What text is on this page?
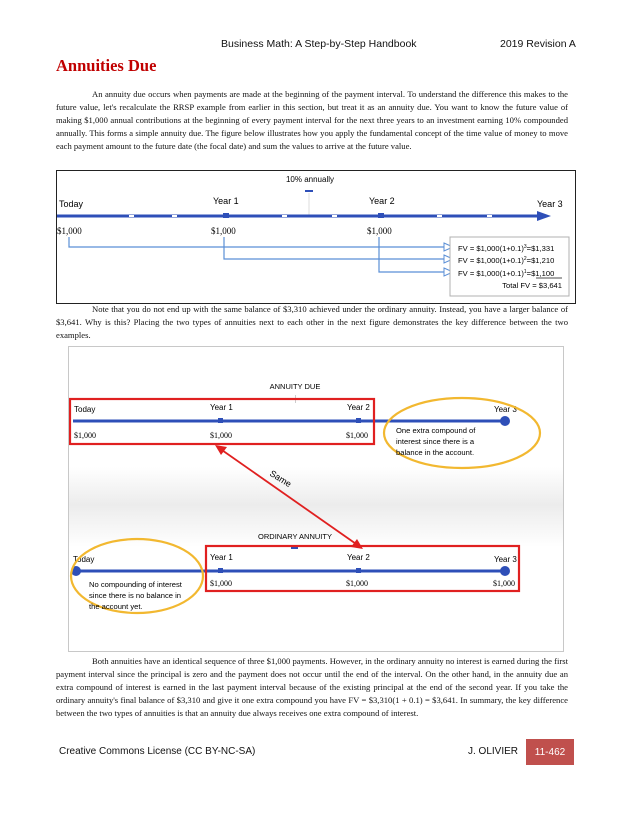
Business Math: A Step-by-Step Handbook	2019 Revision A
Annuities Due

An annuity due occurs when payments are made at the beginning of the payment interval. To understand the difference this makes to the future value, let's recalculate the RRSP example from earlier in this section, but treat it as an annuity due. You want to know the future value of making $1,000 annual contributions at the beginning of every payment interval for the next three years to an investment earning 10% compounded annually. This forms a simple annuity due. The figure below illustrates how you apply the fundamental concept of the time value of money to move each payment amount to the future date (the focal date) and sum the values to arrive at the future value.

10% annually
Today	Year 1	Year 2	Year 3
$1,000	$1,000	$1,000
FV = $\$1,000(1+0.1)^3=\$1,331$
FV = $\$1,000(1+0.1)^2=\$1,210$
FV = $\$1,000(1+0.1)^1=\$1,100$
Total FV = $3,641

Note that you do not end up with the same balance of $3,310 achieved under the ordinary annuity. Instead, you have a larger balance of $3,641. Why is this? Placing the two types of annuities next to each other in the next figure demonstrates the key difference between the two examples.

ANNUITY DUE
Today	Year 1	Year 2	Year 3
$1,000	$1,000	$1,000
One extra compound of
interest since there is a
balance in the account.
Same
ORDINARY ANNUITY
Today	Year 1	Year 2	Year 3
$1,000	$1,000	$1,000
No compounding of interest
since there is no balance in
the account yet.

Both annuities have an identical sequence of three $1,000 payments. However, in the ordinary annuity no interest is earned during the first payment interval since the principal is zero and the payment does not occur until the end of the interval. On the other hand, in the annuity due an extra compound of interest is earned in the last payment interval because of the existing principal at the end of the second year. If you take the ordinary annuity's final balance of $3,310 and give it one extra compound you have FV = $3,310(1 + 0.1) = $3,641. In summary, the key difference between the two types of annuities is that an annuity due always receives one extra compound of interest.

Creative Commons License (CC BY-NC-SA)	J. OLIVIER	11-462
